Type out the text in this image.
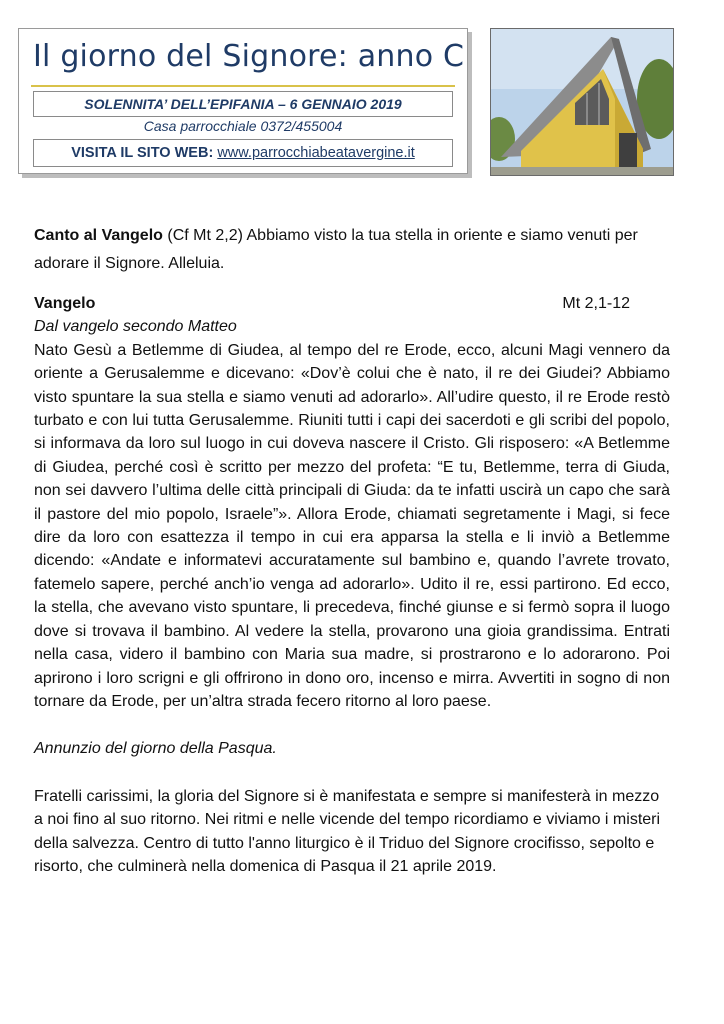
Il giorno del Signore: anno C
SOLENNITA’ DELL’EPIFANIA – 6 GENNAIO 2019
Casa parrocchiale 0372/455004
VISITA IL SITO WEB: www.parrocchiabeatavergine.it

Canto al Vangelo (Cf Mt 2,2) Abbiamo visto la tua stella in oriente e siamo venuti per adorare il Signore. Alleluia.

Vangelo	Mt 2,1-12

Dal vangelo secondo Matteo

Nato Gesù a Betlemme di Giudea, al tempo del re Erode, ecco, alcuni Magi vennero da oriente a Gerusalemme e dicevano: «Dov’è colui che è nato, il re dei Giudei? Abbiamo visto spuntare la sua stella e siamo venuti ad adorarlo». All’udire questo, il re Erode restò turbato e con lui tutta Gerusalemme. Riuniti tutti i capi dei sacerdoti e gli scribi del popolo, si informava da loro sul luogo in cui doveva nascere il Cristo. Gli risposero: «A Betlemme di Giudea, perché così è scritto per mezzo del profeta: “E tu, Betlemme, terra di Giuda, non sei davvero l’ultima delle città principali di Giuda: da te infatti uscirà un capo che sarà il pastore del mio popolo, Israele”». Allora Erode, chiamati segretamente i Magi, si fece dire da loro con esattezza il tempo in cui era apparsa la stella e li inviò a Betlemme dicendo: «Andate e informatevi accuratamente sul bambino e, quando l’avrete trovato, fatemelo sapere, perché anch’io venga ad adorarlo». Udito il re, essi partirono. Ed ecco, la stella, che avevano visto spuntare, li precedeva, finché giunse e si fermò sopra il luogo dove si trovava il bambino. Al vedere la stella, provarono una gioia grandissima. Entrati nella casa, videro il bambino con Maria sua madre, si prostrarono e lo adorarono. Poi aprirono i loro scrigni e gli offrirono in dono oro, incenso e mirra. Avvertiti in sogno di non tornare da Erode, per un’altra strada fecero ritorno al loro paese.

Annunzio del giorno della Pasqua.

Fratelli carissimi, la gloria del Signore si è manifestata e sempre si manifesterà in mezzo a noi fino al suo ritorno. Nei ritmi e nelle vicende del tempo ricordiamo e viviamo i misteri della salvezza. Centro di tutto l'anno liturgico è il Triduo del Signore crocifisso, sepolto e risorto, che culminerà nella domenica di Pasqua il 21 aprile 2019.
